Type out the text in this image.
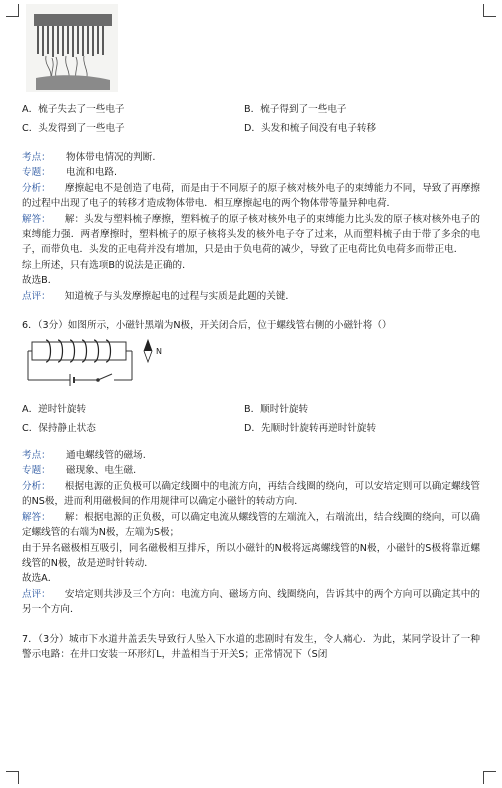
A．梳子失去了一些电子	B．梳子得到了一些电子
C．头发得到了一些电子	D．头发和梳子间没有电子转移
考点： 物体带电情况的判断.
专题： 电流和电路.
分析： 摩擦起电不是创造了电荷，而是由于不同原子的原子核对核外电子的束缚能力不同，导致了再摩擦的过程中出现了电子的转移才造成物体带电．相互摩擦起电的两个物体带等量异种电荷．
解答： 解：头发与塑料梳子摩擦，塑料梳子的原子核对核外电子的束缚能力比头发的原子核对核外电子的束缚能力强．两者摩擦时，塑料梳子的原子核将头发的核外电子夺了过来，从而塑料梳子由于带了多余的电子，而带负电．头发的正电荷并没有增加，只是由于负电荷的减少，导致了正电荷比负电荷多而带正电．
综上所述，只有选项B的说法是正确的．
故选B．
点评： 知道梳子与头发摩擦起电的过程与实质是此题的关键．
6．（3分）如图所示，小磁针黑端为N极，开关闭合后，位于螺线管右侧的小磁针将（）
N
A．逆时针旋转	B．顺时针旋转
C．保持静止状态	D．先顺时针旋转再逆时针旋转
考点： 通电螺线管的磁场.
专题： 磁现象、电生磁.
分析： 根据电源的正负极可以确定线圈中的电流方向，再结合线圈的绕向，可以安培定则可以确定螺线管的NS极，进而利用磁极间的作用规律可以确定小磁针的转动方向．
解答： 解：根据电源的正负极，可以确定电流从螺线管的左端流入，右端流出，结合线圈的绕向，可以确定螺线管的右端为N极，左端为S极；
由于异名磁极相互吸引，同名磁极相互排斥，所以小磁针的N极将远离螺线管的N极，小磁针的S极将靠近螺线管的N极，故是逆时针转动．
故选A．
点评： 安培定则共涉及三个方向：电流方向、磁场方向、线圈绕向，告诉其中的两个方向可以确定其中的另一个方向．
7．（3分）城市下水道井盖丢失导致行人坠入下水道的悲剧时有发生，令人痛心．为此，某同学设计了一种警示电路：在井口安装一环形灯L，井盖相当于开关S；正常情况下（S闭
